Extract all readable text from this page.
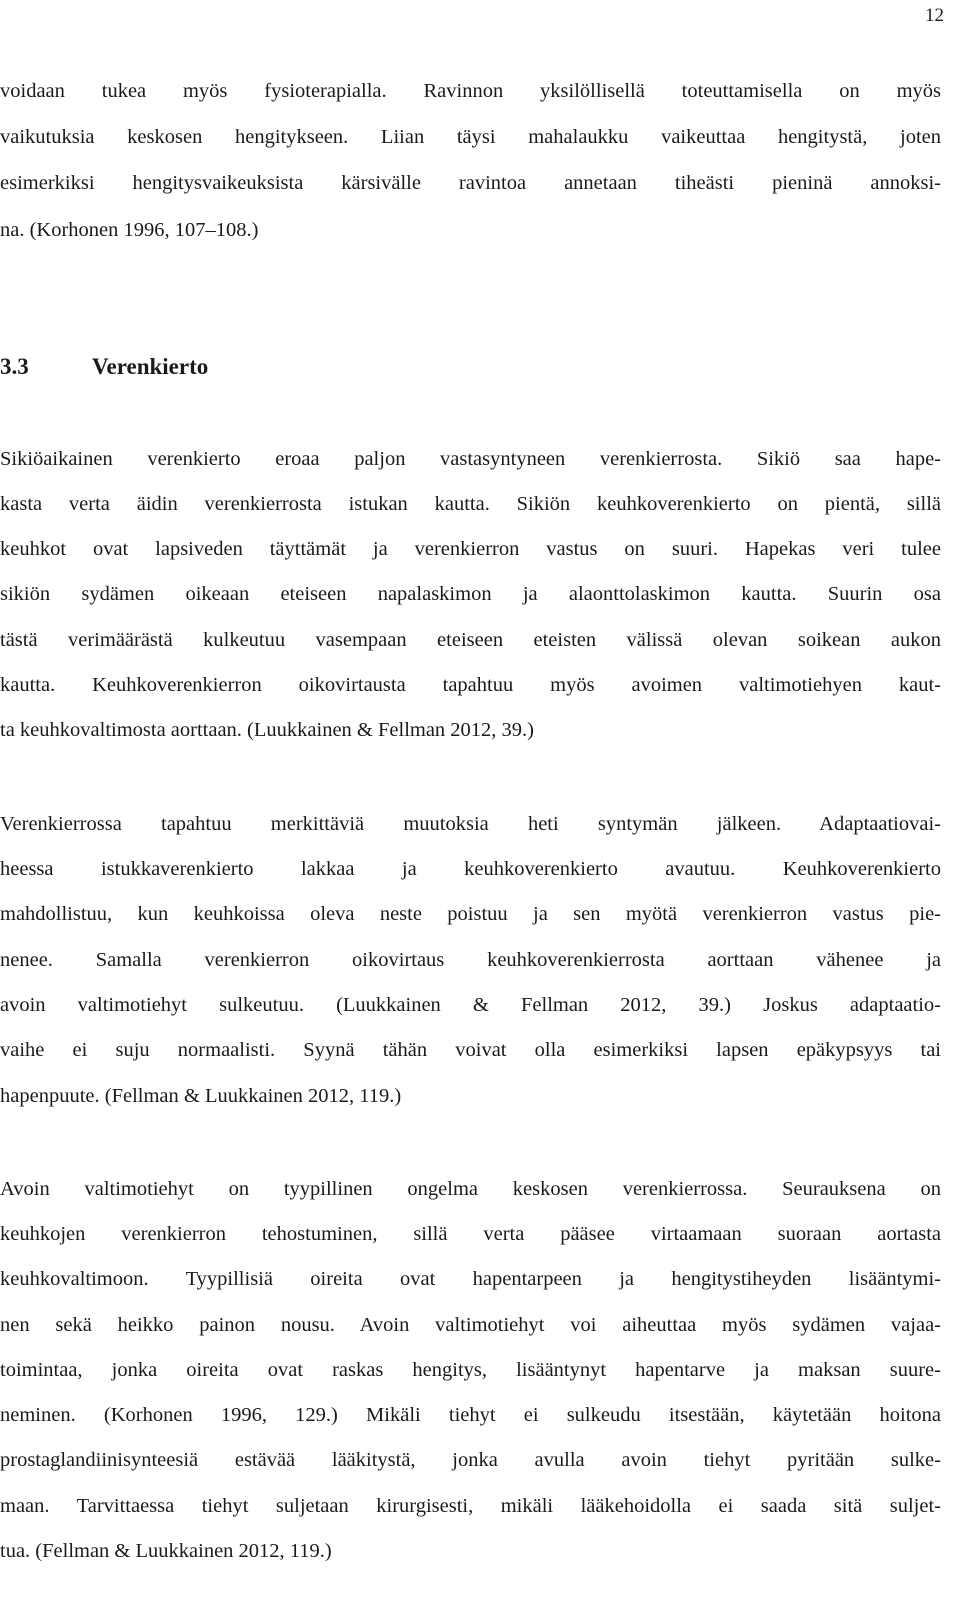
12
voidaan tukea myös fysioterapialla. Ravinnon yksilöllisellä toteuttamisella on myös
vaikutuksia keskosen hengitykseen. Liian täysi mahalaukku vaikeuttaa hengitystä, joten
esimerkiksi hengitysvaikeuksista kärsivälle ravintoa annetaan tiheästi pieninä annoksi-
na. (Korhonen 1996, 107–108.)
3.3	Verenkierto
Sikiöaikainen verenkierto eroaa paljon vastasyntyneen verenkierrosta. Sikiö saa hape-
kasta verta äidin verenkierrosta istukan kautta. Sikiön keuhkoverenkierto on pientä, sillä
keuhkot ovat lapsiveden täyttämät ja verenkierron vastus on suuri. Hapekas veri tulee
sikiön sydämen oikeaan eteiseen napalaskimon ja alaonttolaskimon kautta. Suurin osa
tästä verimäärästä kulkeutuu vasempaan eteiseen eteisten välissä olevan soikean aukon
kautta. Keuhkoverenkierron oikovirtausta tapahtuu myös avoimen valtimotiehyen kaut-
ta keuhkovaltimosta aorttaan. (Luukkainen & Fellman 2012, 39.)
Verenkierrossa tapahtuu merkittäviä muutoksia heti syntymän jälkeen. Adaptaatiovai-
heessa istukkaverenkierto lakkaa ja keuhkoverenkierto avautuu. Keuhkoverenkierto
mahdollistuu, kun keuhkoissa oleva neste poistuu ja sen myötä verenkierron vastus pie-
nenee. Samalla verenkierron oikovirtaus keuhkoverenkierrosta aorttaan vähenee ja
avoin valtimotiehyt sulkeutuu. (Luukkainen & Fellman 2012, 39.) Joskus adaptaatio-
vaihe ei suju normaalisti. Syynä tähän voivat olla esimerkiksi lapsen epäkypsyys tai
hapenpuute. (Fellman & Luukkainen 2012, 119.)
Avoin valtimotiehyt on tyypillinen ongelma keskosen verenkierrossa. Seurauksena on
keuhkojen verenkierron tehostuminen, sillä verta pääsee virtaamaan suoraan aortasta
keuhkovaltimoon. Tyypillisiä oireita ovat hapentarpeen ja hengitystiheyden lisääntymi-
nen sekä heikko painon nousu. Avoin valtimotiehyt voi aiheuttaa myös sydämen vajaa-
toimintaa, jonka oireita ovat raskas hengitys, lisääntynyt hapentarve ja maksan suure-
neminen. (Korhonen 1996, 129.) Mikäli tiehyt ei sulkeudu itsestään, käytetään hoitona
prostaglandiinisynteesiä estävää lääkitystä, jonka avulla avoin tiehyt pyritään sulke-
maan. Tarvittaessa tiehyt suljetaan kirurgisesti, mikäli lääkehoidolla ei saada sitä suljet-
tua. (Fellman & Luukkainen 2012, 119.)
